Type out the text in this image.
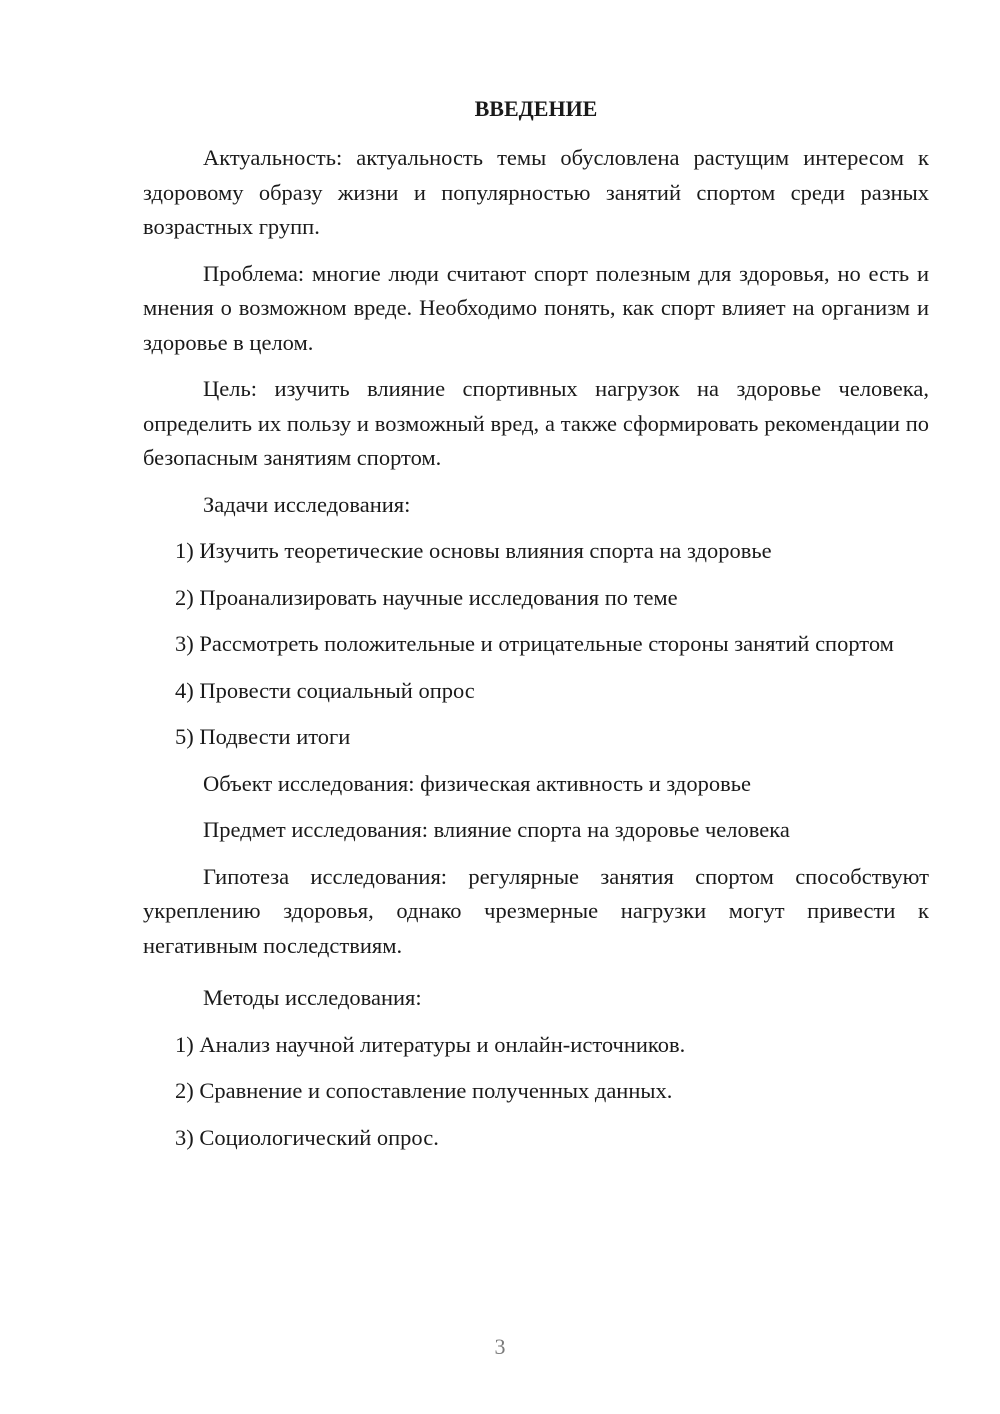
ВВЕДЕНИЕ

Актуальность: актуальность темы обусловлена растущим интересом к здоровому образу жизни и популярностью занятий спортом среди разных возрастных групп.

Проблема: многие люди считают спорт полезным для здоровья, но есть и мнения о возможном вреде. Необходимо понять, как спорт влияет на организм и здоровье в целом.

Цель: изучить влияние спортивных нагрузок на здоровье человека, определить их пользу и возможный вред, а также сформировать рекомендации по безопасным занятиям спортом.

Задачи исследования:

1) Изучить теоретические основы влияния спорта на здоровье

2) Проанализировать научные исследования по теме

3) Рассмотреть положительные и отрицательные стороны занятий спортом

4) Провести социальный опрос

5) Подвести итоги

Объект исследования: физическая активность и здоровье

Предмет исследования: влияние спорта на здоровье человека

Гипотеза исследования: регулярные занятия спортом способствуют укреплению здоровья, однако чрезмерные нагрузки могут привести к негативным последствиям.

Методы исследования:

1) Анализ научной литературы и онлайн-источников.

2) Сравнение и сопоставление полученных данных.

3) Социологический опрос.

3
